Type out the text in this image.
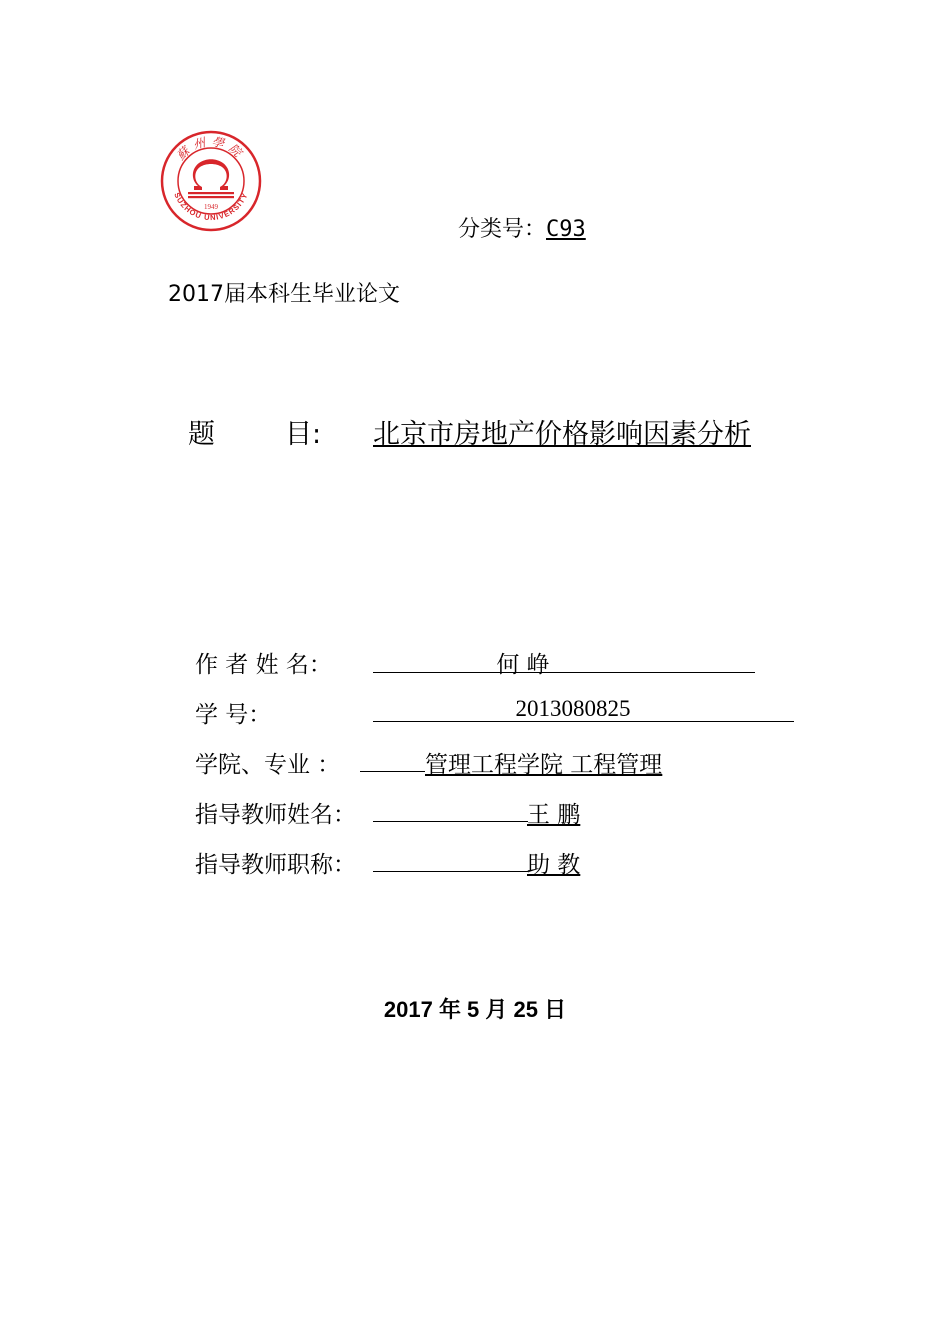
蘇州學院
SUZHOU UNIVERSITY
1949
分类号：C93
2017届本科生毕业论文
题	目: 北京市房地产价格影响因素分析
作 者 姓 名：	何 峥
学 号：	2013080825
学院、专业 ：	管理工程学院 工程管理
指导教师姓名：	王 鹏
指导教师职称：	助 教
2017 年 5 月 25 日
